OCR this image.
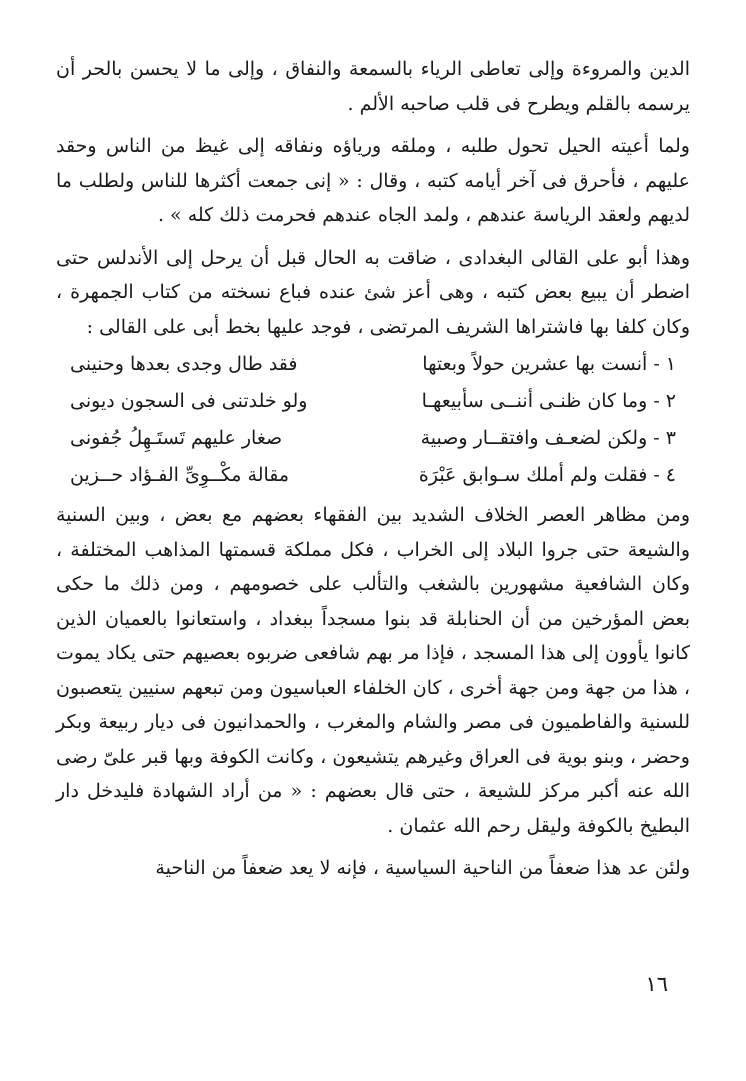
الدين والمروءة وإلى تعاطى الرياء بالسمعة والنفاق ، وإلى ما لا يحسن بالحر أن يرسمه بالقلم ويطرح فى قلب صاحبه الألم .

ولما أعيته الحيل تحول طلبه ، وملقه ورياؤه ونفاقه إلى غيظ من الناس وحقد عليهم ، فأحرق فى آخر أيامه كتبه ، وقال : « إنى جمعت أكثرها للناس ولطلب ما لديهم ولعقد الرياسة عندهم ، ولمد الجاه عندهم فحرمت ذلك كله » .

وهذا أبو على القالى البغدادى ، ضاقت به الحال قبل أن يرحل إلى الأندلس حتى اضطر أن يبيع بعض كتبه ، وهى أعز شئ عنده فباع نسخته من كتاب الجمهرة ، وكان كلفا بها فاشتراها الشريف المرتضى ، فوجد عليها بخط أبى على القالى :

١ - أنست بها عشرين حولاً وبعتها
فقد طال وجدى بعدها وحنينى
٢ - وما كان ظنـى أننــى سأبيعهـا
ولو خلدتنى فى السجون ديونى
٣ - ولكن لضعـف وافتقــار وصبية
صغار عليهم تَستَـهِلُ جُفونى
٤ - فقلت ولم أملك سـوابق عَبْرَة
مقالة مكْــوِىِّ الفـؤاد حــزين

ومن مظاهر العصر الخلاف الشديد بين الفقهاء بعضهم مع بعض ، وبين السنية والشيعة حتى جروا البلاد إلى الخراب ، فكل مملكة قسمتها المذاهب المختلفة ، وكان الشافعية مشهورين بالشغب والتألب على خصومهم ، ومن ذلك ما حكى بعض المؤرخين من أن الحنابلة قد بنوا مسجداً ببغداد ، واستعانوا بالعميان الذين كانوا يأوون إلى هذا المسجد ، فإذا مر بهم شافعى ضربوه بعصيهم حتى يكاد يموت ، هذا من جهة ومن جهة أخرى ، كان الخلفاء العباسيون ومن تبعهم سنيين يتعصبون للسنية والفاطميون فى مصر والشام والمغرب ، والحمدانيون فى ديار ربيعة وبكر وحضر ، وبنو بوية فى العراق وغيرهم يتشيعون ، وكانت الكوفة وبها قبر علىّ رضى الله عنه أكبر مركز للشيعة ، حتى قال بعضهم : « من أراد الشهادة فليدخل دار البطيخ بالكوفة وليقل رحم الله عثمان .

ولئن عد هذا ضعفاً من الناحية السياسية ، فإنه لا يعد ضعفاً من الناحية

١٦
